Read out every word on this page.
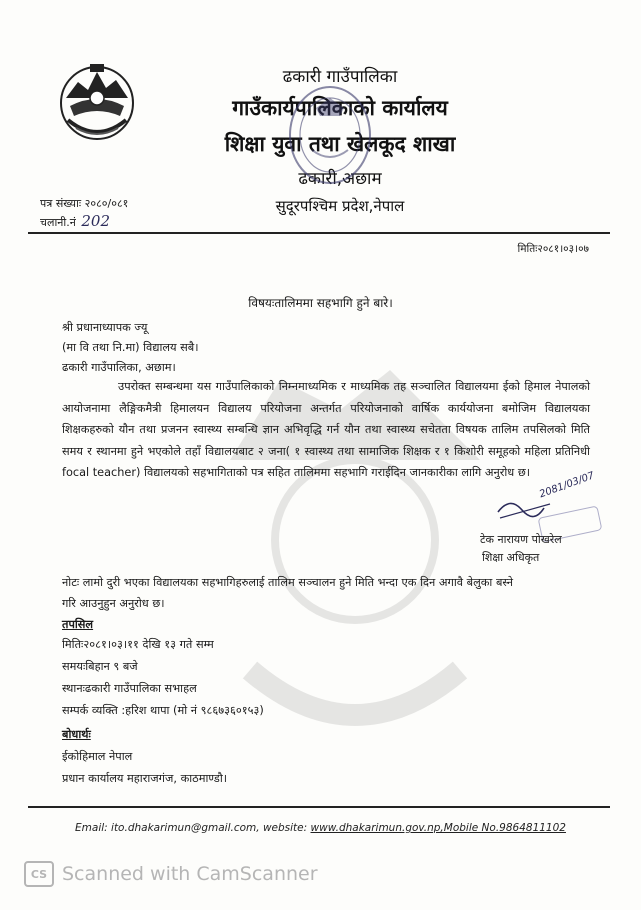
ढकारी गाउँपालिका
गाउँकार्यपालिकाको कार्यालय
शिक्षा युवा तथा खेलकूद शाखा
ढकारी,अछाम
सुदूरपश्चिम प्रदेश,नेपाल
पत्र संख्याः २०८०/०८१
चलानी.नं 202
मितिः२०८१।०३।०७
विषयःतालिममा सहभागि हुने बारे।
श्री प्रधानाध्यापक ज्यू
(मा वि तथा नि.मा) विद्यालय सबै।
ढकारी गाउँपालिका, अछाम।
उपरोक्त सम्बन्धमा यस गाउँपालिकाको निम्नमाध्यमिक र माध्यमिक तह सञ्चालित विद्यालयमा ईको हिमाल नेपालको आयोजनामा लैङ्गिकमैत्री हिमालयन विद्यालय परियोजना अन्तर्गत परियोजनाको वार्षिक कार्ययोजना बमोजिम विद्यालयका शिक्षकहरुको यौन तथा प्रजनन स्वास्थ्य सम्बन्धि ज्ञान अभिवृद्धि गर्न यौन तथा स्वास्थ्य सचेतता विषयक तालिम तपसिलको मिति समय र स्थानमा हुने भएकोले तहाँ विद्यालयबाट २ जना( १ स्वास्थ्य तथा सामाजिक शिक्षक र १ किशोरी समूहको महिला प्रतिनिधी focal teacher) विद्यालयको सहभागिताको पत्र सहित तालिममा सहभागि गराईदिन जानकारीका लागि अनुरोध छ। 2081/03/07
टेक नारायण पोखरेल
शिक्षा अधिकृत
नोटः लामो दुरी भएका विद्यालयका सहभागिहरुलाई तालिम सञ्चालन हुने मिति भन्दा एक दिन अगावै बेलुका बस्ने
गरि आउनुहुन अनुरोध छ।
तपसिल
मितिः२०८१।०३।११ देखि १३ गते सम्म
समयःबिहान ९ बजे
स्थानःढकारी गाउँपालिका सभाहल
सम्पर्क व्यक्ति :हरिश थापा (मो नं ९८६७३६०१५३)
बोधार्थः
ईकोहिमाल नेपाल
प्रधान कार्यालय महाराजगंज, काठमाण्डौ।
Email: ito.dhakarimun@gmail.com, website: www.dhakarimun.gov.np,Mobile No.9864811102
CS Scanned with CamScanner
